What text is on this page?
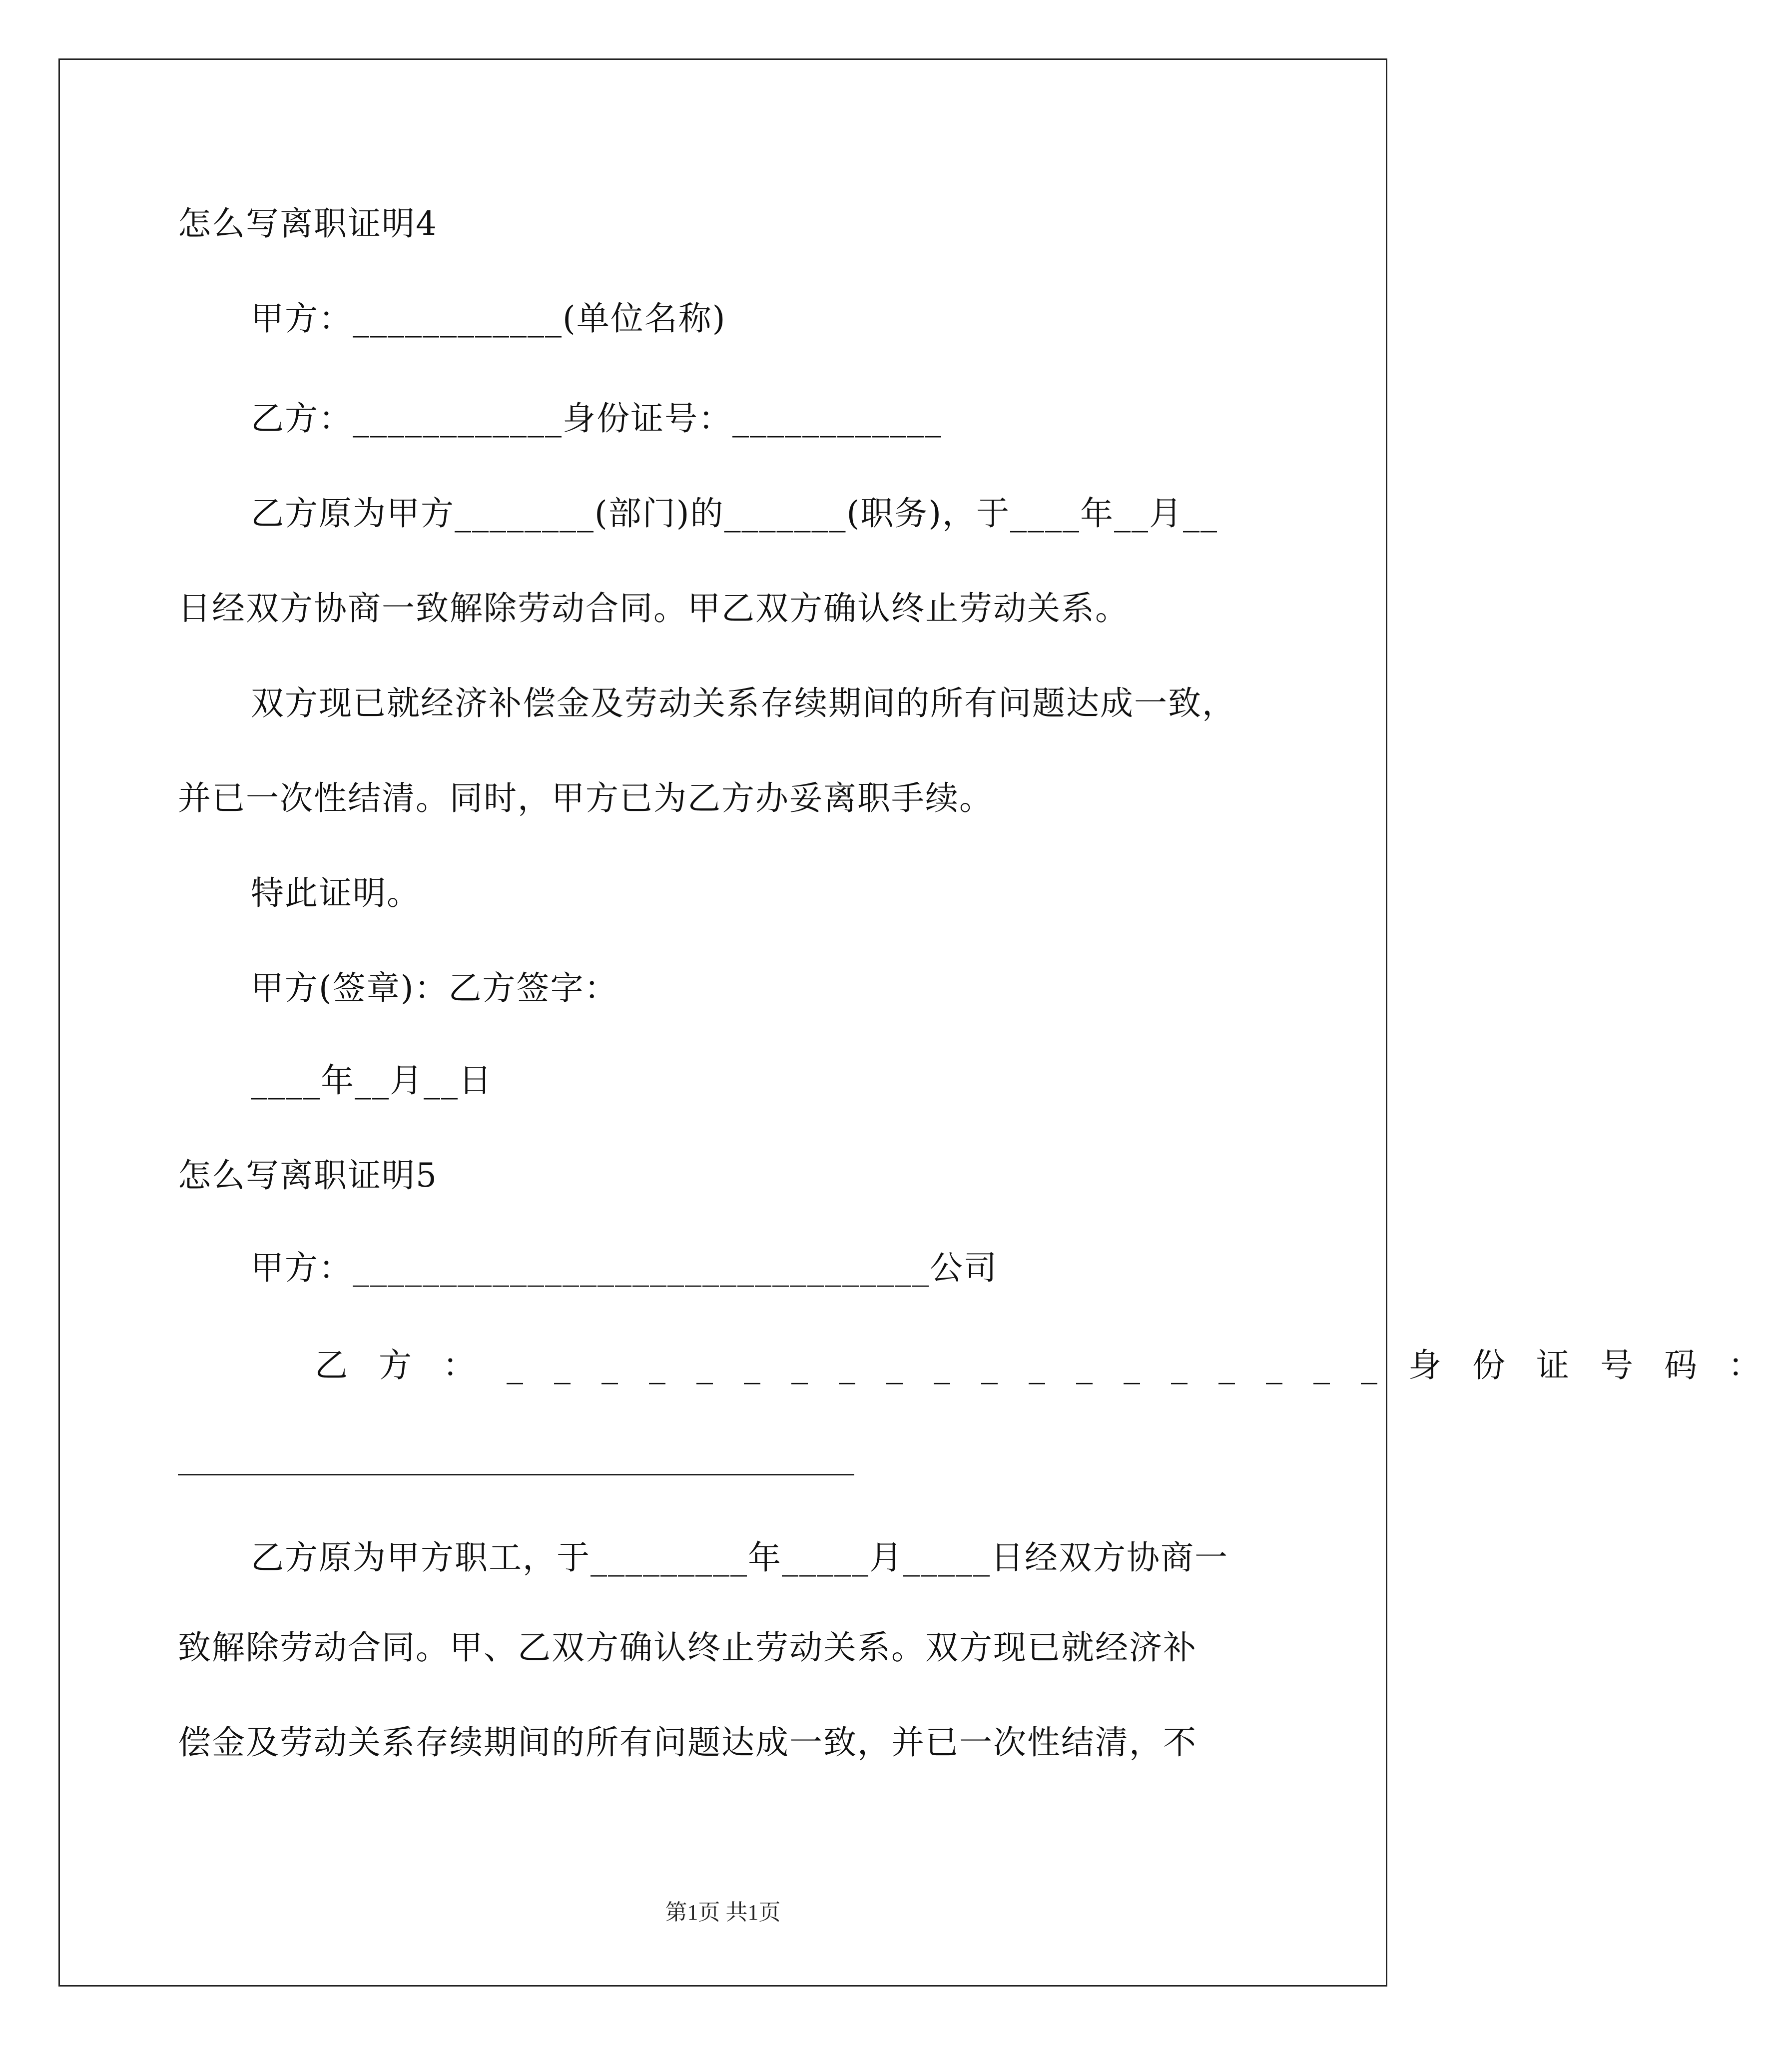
怎么写离职证明4
甲方：____________(单位名称)
乙方：____________身份证号：____________
乙方原为甲方________(部门)的_______(职务)，于____年__月__
日经双方协商一致解除劳动合同。甲乙双方确认终止劳动关系。
双方现已就经济补偿金及劳动关系存续期间的所有问题达成一致，
并已一次性结清。同时，甲方已为乙方办妥离职手续。
特此证明。
甲方(签章)：乙方签字：
____年__月__日
怎么写离职证明5
甲方：_________________________________公司
乙方：___________________身份证号码：
乙方原为甲方职工，于_________年_____月_____日经双方协商一
致解除劳动合同。甲、乙双方确认终止劳动关系。双方现已就经济补
偿金及劳动关系存续期间的所有问题达成一致，并已一次性结清，不
第1页 共1页
